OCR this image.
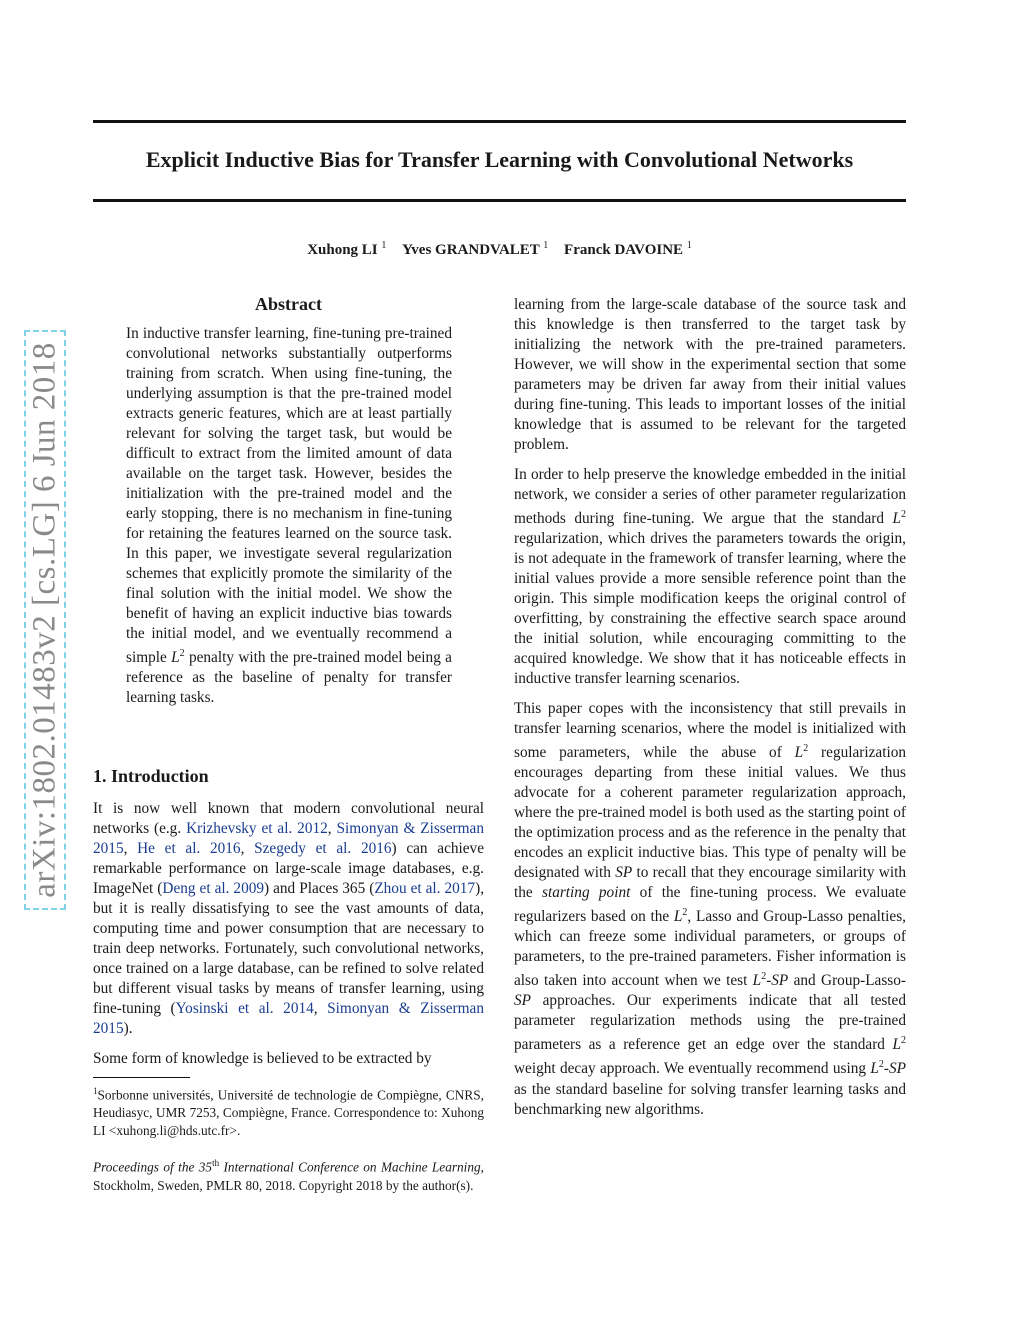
Explicit Inductive Bias for Transfer Learning with Convolutional Networks
Xuhong LI $^1$ Yves GRANDVALET $^1$ Franck DAVOINE $^1$
arXiv:1802.01483v2 [cs.LG] 6 Jun 2018
Abstract

In inductive transfer learning, fine-tuning pre-trained convolutional networks substantially outperforms training from scratch. When using fine-tuning, the underlying assumption is that the pre-trained model extracts generic features, which are at least partially relevant for solving the target task, but would be difficult to extract from the limited amount of data available on the target task. However, besides the initialization with the pre-trained model and the early stopping, there is no mechanism in fine-tuning for retaining the features learned on the source task. In this paper, we investigate several regularization schemes that explicitly promote the similarity of the final solution with the initial model. We show the benefit of having an explicit inductive bias towards the initial model, and we eventually recommend a simple $L^2$ penalty with the pre-trained model being a reference as the baseline of penalty for transfer learning tasks.

1. Introduction

It is now well known that modern convolutional neural networks (e.g. Krizhevsky et al. 2012, Simonyan & Zisserman 2015, He et al. 2016, Szegedy et al. 2016) can achieve remarkable performance on large-scale image databases, e.g. ImageNet (Deng et al. 2009) and Places 365 (Zhou et al. 2017), but it is really dissatisfying to see the vast amounts of data, computing time and power consumption that are necessary to train deep networks. Fortunately, such convolutional networks, once trained on a large database, can be refined to solve related but different visual tasks by means of transfer learning, using fine-tuning (Yosinski et al. 2014, Simonyan & Zisserman 2015).

Some form of knowledge is believed to be extracted by

$^1$Sorbonne universités, Université de technologie de Compiègne, CNRS, Heudiasyc, UMR 7253, Compiègne, France. Correspondence to: Xuhong LI <xuhong.li@hds.utc.fr>.

Proceedings of the 35th International Conference on Machine Learning, Stockholm, Sweden, PMLR 80, 2018. Copyright 2018 by the author(s).

learning from the large-scale database of the source task and this knowledge is then transferred to the target task by initializing the network with the pre-trained parameters. However, we will show in the experimental section that some parameters may be driven far away from their initial values during fine-tuning. This leads to important losses of the initial knowledge that is assumed to be relevant for the targeted problem.

In order to help preserve the knowledge embedded in the initial network, we consider a series of other parameter regularization methods during fine-tuning. We argue that the standard $L^2$ regularization, which drives the parameters towards the origin, is not adequate in the framework of transfer learning, where the initial values provide a more sensible reference point than the origin. This simple modification keeps the original control of overfitting, by constraining the effective search space around the initial solution, while encouraging committing to the acquired knowledge. We show that it has noticeable effects in inductive transfer learning scenarios.

This paper copes with the inconsistency that still prevails in transfer learning scenarios, where the model is initialized with some parameters, while the abuse of $L^2$ regularization encourages departing from these initial values. We thus advocate for a coherent parameter regularization approach, where the pre-trained model is both used as the starting point of the optimization process and as the reference in the penalty that encodes an explicit inductive bias. This type of penalty will be designated with SP to recall that they encourage similarity with the starting point of the fine-tuning process. We evaluate regularizers based on the $L^2$, Lasso and Group-Lasso penalties, which can freeze some individual parameters, or groups of parameters, to the pre-trained parameters. Fisher information is also taken into account when we test $L^2-SP$ and Group-Lasso-SP approaches. Our experiments indicate that all tested parameter regularization methods using the pre-trained parameters as a reference get an edge over the standard $L^2$ weight decay approach. We eventually recommend using $L^2-SP$ as the standard baseline for solving transfer learning tasks and benchmarking new algorithms.
